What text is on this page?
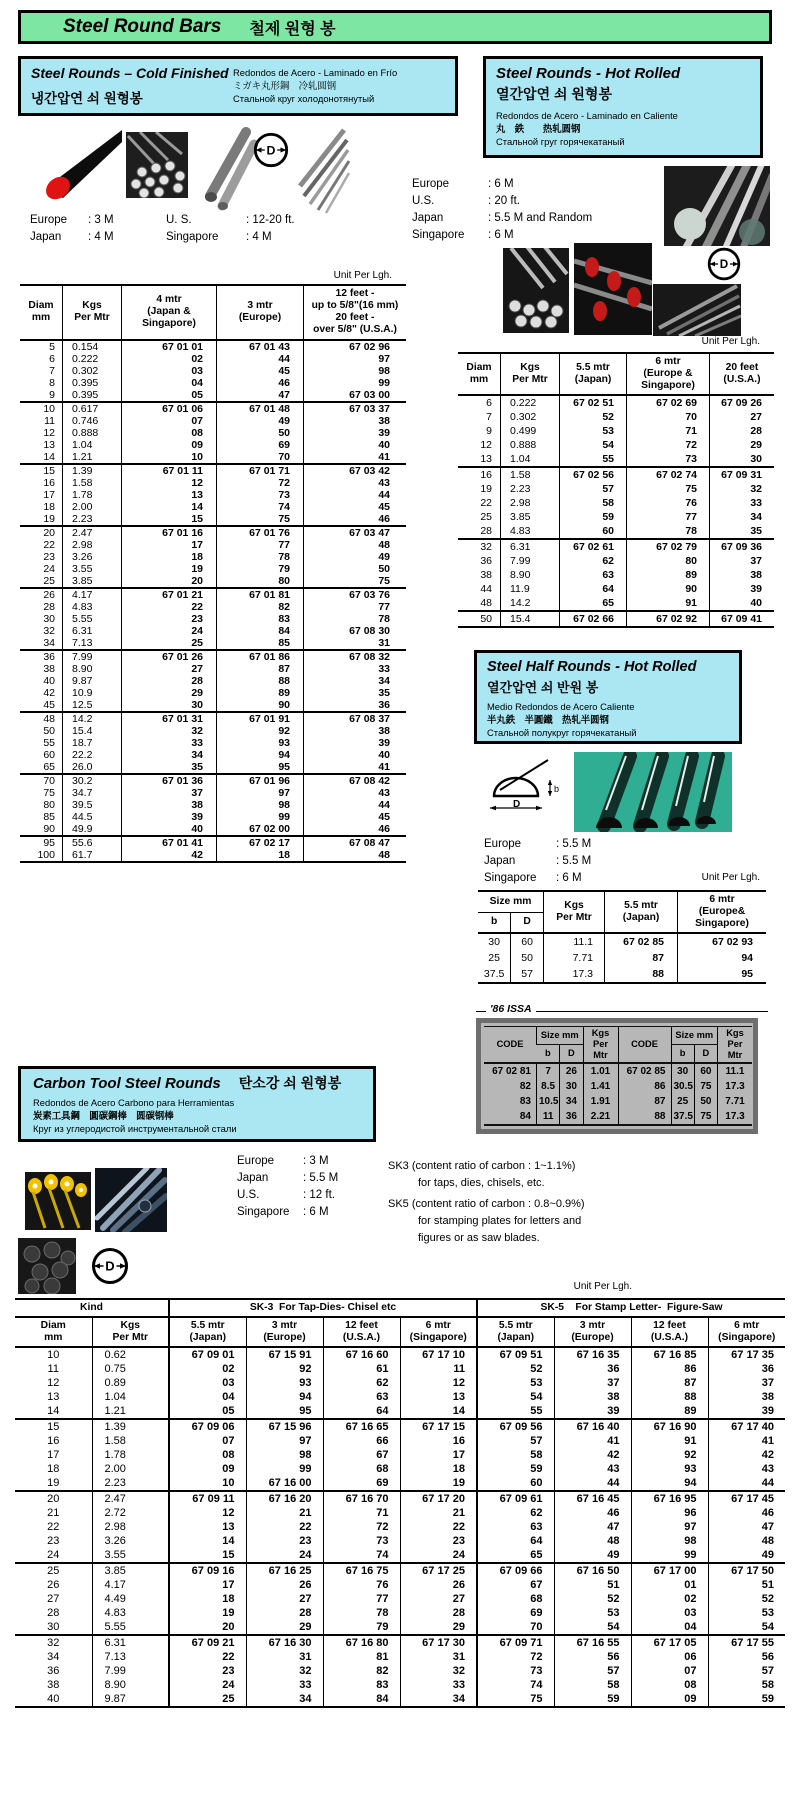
Steel Round Bars 철제 원형 봉
Steel Rounds – Cold Finished
냉간압연 쇠 원형봉
Redondos de Acero - Laminado en Frío
ミガキ丸形鋼　冷轧圆钢
Стальной круг холодонотянутый
Steel Rounds - Hot Rolled
열간압연 쇠 원형봉
Redondos de Acero - Laminado en Caliente
丸　鉄　　热轧圆钢
Стальной груг горячекатаный
D
Europe : 3 M	U. S.	: 12-20 ft.
Japan : 4 M	Singapore : 4 M
Unit Per Lgh.
Diam
mm	Kgs
Per Mtr	4 mtr
(Japan &
Singapore)	3 mtr
(Europe)	12 feet -
up to 5/8"(16 mm)
20 feet -
over 5/8" (U.S.A.)
5	0.154	67 01 01	67 01 43	67 02 96
6	0.222	02	44	97
7	0.302	03	45	98
8	0.395	04	46	99
9	0.395	05	47	67 03 00
10	0.617	67 01 06	67 01 48	67 03 37
11	0.746	07	49	38
12	0.888	08	50	39
13	1.04	09	69	40
14	1.21	10	70	41
15	1.39	67 01 11	67 01 71	67 03 42
16	1.58	12	72	43
17	1.78	13	73	44
18	2.00	14	74	45
19	2.23	15	75	46
20	2.47	67 01 16	67 01 76	67 03 47
22	2.98	17	77	48
23	3.26	18	78	49
24	3.55	19	79	50
25	3.85	20	80	75
26	4.17	67 01 21	67 01 81	67 03 76
28	4.83	22	82	77
30	5.55	23	83	78
32	6.31	24	84	67 08 30
34	7.13	25	85	31
36	7.99	67 01 26	67 01 86	67 08 32
38	8.90	27	87	33
40	9.87	28	88	34
42	10.9	29	89	35
45	12.5	30	90	36
48	14.2	67 01 31	67 01 91	67 08 37
50	15.4	32	92	38
55	18.7	33	93	39
60	22.2	34	94	40
65	26.0	35	95	41
70	30.2	67 01 36	67 01 96	67 08 42
75	34.7	37	97	43
80	39.5	38	98	44
85	44.5	39	99	45
90	49.9	40	67 02 00	46
95	55.6	67 01 41	67 02 17	67 08 47
100	61.7	42	18	48
Europe	: 6 M
U.S.	: 20 ft.
Japan	: 5.5 M and Random
Singapore : 6 M
D
Unit Per Lgh.
Diam
mm	Kgs
Per Mtr	5.5 mtr
(Japan)	6 mtr
(Europe &
Singapore)	20 feet
(U.S.A.)
6	0.222	67 02 51	67 02 69	67 09 26
7	0.302	52	70	27
9	0.499	53	71	28
12	0.888	54	72	29
13	1.04	55	73	30
16	1.58	67 02 56	67 02 74	67 09 31
19	2.23	57	75	32
22	2.98	58	76	33
25	3.85	59	77	34
28	4.83	60	78	35
32	6.31	67 02 61	67 02 79	67 09 36
36	7.99	62	80	37
38	8.90	63	89	38
44	11.9	64	90	39
48	14.2	65	91	40
50	15.4	67 02 66	67 02 92	67 09 41
Steel Half Rounds - Hot Rolled
열간압연 쇠 반원 봉
Medio Redondos de Acero Caliente
半丸鉄　半圓鐵　热轧半圆钢
Стальной полукруг горячекатаный
D
b
Europe	: 5.5 M
Japan	: 5.5 M
Singapore : 6 M	Unit Per Lgh.
Size mm		Kgs
Per Mtr	5.5 mtr
(Japan)	6 mtr
(Europe&
Singapore)
b	D			
30	60	11.1	67 02 85	67 02 93
25	50	7.71	87	94
37.5	57	17.3	88	95
'86 ISSA
CODE	Size mm		Kgs
Per
Mtr	CODE	Size mm		Kgs
Per
Mtr
	b	D			b	D	
67 02 81	7	26	1.01	67 02 85	30	60	11.1
82	8.5	30	1.41	86	30.5	75	17.3
83	10.5	34	1.91	87	25	50	7.71
84	11	36	2.21	88	37.5	75	17.3
Carbon Tool Steel Rounds 탄소강 쇠 원형봉
Redondos de Acero Carbono para Herramientas
炭素工具鋼　圓碳鋼棒　圆碳钢棒
Круг из углеродистой инструментальной стали
D
Europe	: 3 M
Japan	: 5.5 M
U.S.	: 12 ft.
Singapore : 6 M
SK3 (content ratio of carbon : 1~1.1%)
for taps, dies, chisels, etc.
SK5 (content ratio of carbon : 0.8~0.9%)
for stamping plates for letters and
figures or as saw blades.
Unit Per Lgh.
Kind		SK-3  For Tap-Dies- Chisel etc				SK-5    For Stamp Letter-  Figure-Saw			
Diam
mm	Kgs
Per Mtr	5.5 mtr
(Japan)	3 mtr
(Europe)	12 feet
(U.S.A.)	6 mtr
(Singapore)	5.5 mtr
(Japan)	3 mtr
(Europe)	12 feet
(U.S.A.)	6 mtr
(Singapore)
10	0.62	67 09 01	67 15 91	67 16 60	67 17 10	67 09 51	67 16 35	67 16 85	67 17 35
11	0.75	02	92	61	11	52	36	86	36
12	0.89	03	93	62	12	53	37	87	37
13	1.04	04	94	63	13	54	38	88	38
14	1.21	05	95	64	14	55	39	89	39
15	1.39	67 09 06	67 15 96	67 16 65	67 17 15	67 09 56	67 16 40	67 16 90	67 17 40
16	1.58	07	97	66	16	57	41	91	41
17	1.78	08	98	67	17	58	42	92	42
18	2.00	09	99	68	18	59	43	93	43
19	2.23	10	67 16 00	69	19	60	44	94	44
20	2.47	67 09 11	67 16 20	67 16 70	67 17 20	67 09 61	67 16 45	67 16 95	67 17 45
21	2.72	12	21	71	21	62	46	96	46
22	2.98	13	22	72	22	63	47	97	47
23	3.26	14	23	73	23	64	48	98	48
24	3.55	15	24	74	24	65	49	99	49
25	3.85	67 09 16	67 16 25	67 16 75	67 17 25	67 09 66	67 16 50	67 17 00	67 17 50
26	4.17	17	26	76	26	67	51	01	51
27	4.49	18	27	77	27	68	52	02	52
28	4.83	19	28	78	28	69	53	03	53
30	5.55	20	29	79	29	70	54	04	54
32	6.31	67 09 21	67 16 30	67 16 80	67 17 30	67 09 71	67 16 55	67 17 05	67 17 55
34	7.13	22	31	81	31	72	56	06	56
36	7.99	23	32	82	32	73	57	07	57
38	8.90	24	33	83	33	74	58	08	58
40	9.87	25	34	84	34	75	59	09	59
